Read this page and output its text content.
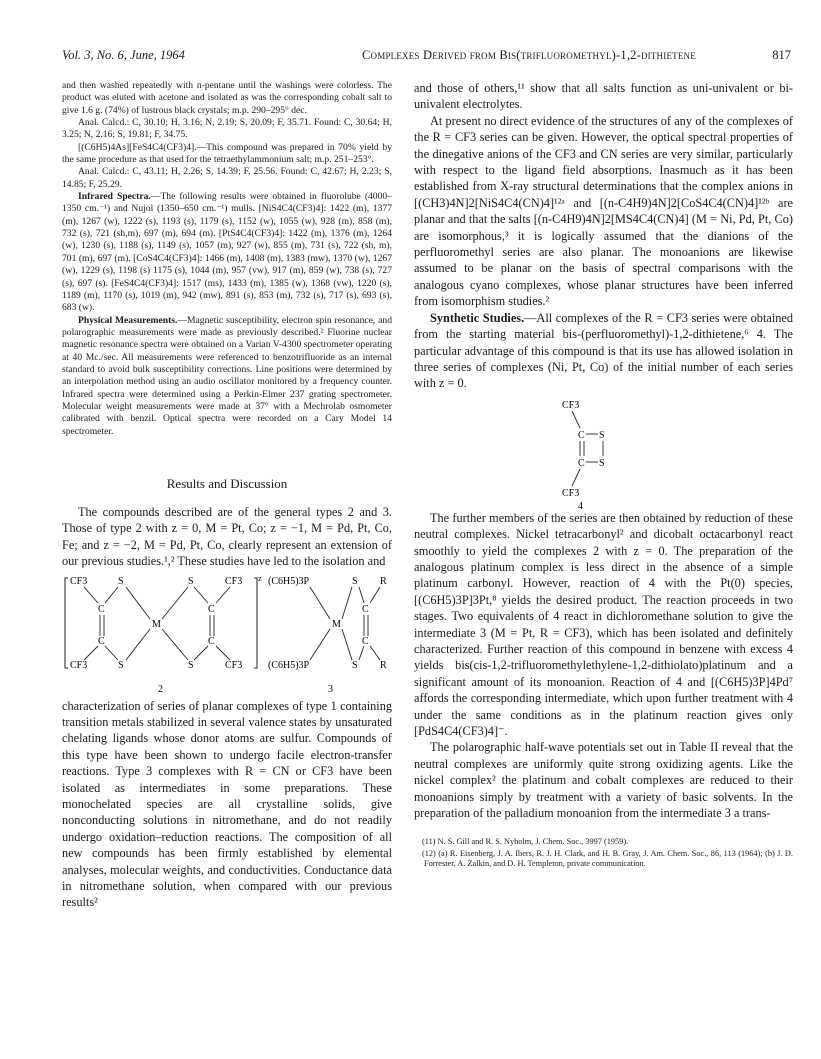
Vol. 3, No. 6, June, 1964	Complexes Derived from Bis(trifluoromethyl)-1,2-dithietene	817

and then washed repeatedly with n-pentane until the washings were colorless. The product was eluted with acetone and isolated as was the corresponding cobalt salt to give 1.6 g. (74%) of lustrous black crystals; m.p. 290–295° dec.

Anal. Calcd.: C, 30.10; H, 3.16; N, 2.19; S, 20.09; F, 35.71. Found: C, 30.64; H, 3.25; N, 2.16; S, 19.81; F, 34.75.

[(C6H5)4As][FeS4C4(CF3)4].—This compound was prepared in 70% yield by the same procedure as that used for the tetraethylammonium salt; m.p. 251–253°.

Anal. Calcd.: C, 43.11; H, 2.26; S, 14.39; F, 25.56. Found: C, 42.67; H, 2.23; S, 14.85; F, 25.29.

Infrared Spectra.—The following results were obtained in fluorolube (4000–1350 cm.⁻¹) and Nujol (1350–650 cm.⁻¹) mulls. [NiS4C4(CF3)4]: 1422 (m), 1377 (m), 1267 (w), 1222 (s), 1193 (s), 1179 (s), 1152 (w), 1055 (w), 928 (m), 858 (m), 732 (s), 721 (sh,m), 697 (m), 694 (m). [PtS4C4(CF3)4]: 1422 (m), 1376 (m), 1264 (w), 1230 (s), 1188 (s), 1149 (s), 1057 (m), 927 (w), 855 (m), 731 (s), 722 (sh, m), 701 (m), 697 (m). [CoS4C4(CF3)4]: 1466 (m), 1408 (m), 1383 (mw), 1370 (w), 1267 (w), 1229 (s), 1198 (s) 1175 (s), 1044 (m), 957 (vw), 917 (m), 859 (w), 738 (s), 727 (s), 697 (s). [FeS4C4(CF3)4]: 1517 (ms), 1433 (m), 1385 (w), 1368 (vw), 1220 (s), 1189 (m), 1170 (s), 1019 (m), 942 (mw), 891 (s), 853 (m), 732 (s), 717 (s), 693 (s), 683 (w).

Physical Measurements.—Magnetic susceptibility, electron spin resonance, and polarographic measurements were made as previously described.² Fluorine nuclear magnetic resonance spectra were obtained on a Varian V-4300 spectrometer operating at 40 Mc./sec. All measurements were referenced to benzotrifluoride as an internal standard to avoid bulk susceptibility corrections. Line positions were determined by an interpolation method using an audio oscillator monitored by a frequency counter. Infrared spectra were determined using a Perkin-Elmer 237 grating spectrometer. Molecular weight measurements were made at 37° with a Mechrolab osmometer calibrated with benzil. Optical spectra were recorded on a Cary Model 14 spectrometer.

Results and Discussion

The compounds described are of the general types 2 and 3. Those of type 2 with z = 0, M = Pt, Co; z = −1, M = Pd, Pt, Co, Fe; and z = −2, M = Pd, Pt, Co, clearly represent an extension of our previous studies.¹,² These studies have led to the isolation and

z
CF3
CF3
CF3
CF3
S
S
S
S
C
C
C
C
M
2
(C6H5)3P
(C6H5)3P
M
S
S
R
R
C
C
3

characterization of series of planar complexes of type 1 containing transition metals stabilized in several valence states by unsaturated chelating ligands whose donor atoms are sulfur. Compounds of this type have been shown to undergo facile electron-transfer reactions. Type 3 complexes with R = CN or CF3 have been isolated as intermediates in some preparations. These monochelated species are all crystalline solids, give nonconducting solutions in nitromethane, and do not readily undergo oxidation–reduction reactions. The composition of all new compounds has been firmly established by elemental analyses, molecular weights, and conductivities. Conductance data in nitromethane solution, when compared with our previous results²

and those of others,¹¹ show that all salts function as uni-univalent or bi-univalent electrolytes.

At present no direct evidence of the structures of any of the complexes of the R = CF3 series can be given. However, the optical spectral properties of the dinegative anions of the CF3 and CN series are very similar, particularly with respect to the ligand field absorptions. Inasmuch as it has been established from X-ray structural determinations that the complex anions in [(CH3)4N]2[NiS4C4(CN)4]¹²ᵃ and [(n-C4H9)4N]2[CoS4C4(CN)4]¹²ᵇ are planar and that the salts [(n-C4H9)4N]2[MS4C4(CN)4] (M = Ni, Pd, Pt, Co) are isomorphous,³ it is logically assumed that the dianions of the perfluoromethyl series are also planar. The monoanions are likewise assumed to be planar on the basis of spectral comparisons with the analogous cyano complexes, whose planar structures have been inferred from isomorphism studies.²

Synthetic Studies.—All complexes of the R = CF3 series were obtained from the starting material bis-(perfluoromethyl)-1,2-dithietene,⁶ 4. The particular advantage of this compound is that its use has allowed isolation in three series of complexes (Ni, Pt, Co) of the initial number of each series with z = 0.

CF3
C S
C S
CF3
4

The further members of the series are then obtained by reduction of these neutral complexes. Nickel tetracarbonyl² and dicobalt octacarbonyl react smoothly to yield the complexes 2 with z = 0. The preparation of the analogous platinum complex is less direct in the absence of a simple platinum carbonyl. However, reaction of 4 with the Pt(0) species, [(C6H5)3P]3Pt,⁸ yields the desired product. The reaction proceeds in two stages. Two equivalents of 4 react in dichloromethane solution to give the intermediate 3 (M = Pt, R = CF3), which has been isolated and definitely characterized. Further reaction of this compound in benzene with excess 4 yields bis(cis-1,2-trifluoromethylethylene-1,2-dithiolato)platinum and a significant amount of its monoanion. Reaction of 4 and [(C6H5)3P]4Pd⁷ affords the corresponding intermediate, which upon further treatment with 4 under the same conditions as in the platinum reaction gives only [PdS4C4(CF3)4]⁻.

The polarographic half-wave potentials set out in Table II reveal that the neutral complexes are uniformly quite strong oxidizing agents. Like the nickel complex² the platinum and cobalt complexes are reduced to their monoanions simply by treatment with a variety of basic solvents. In the preparation of the palladium monoanion from the intermediate 3 a trans-

(11) N. S. Gill and R. S. Nyholm, J. Chem. Soc., 3997 (1959).

(12) (a) R. Eisenberg, J. A. Ibers, R. J. H. Clark, and H. B. Gray, J. Am. Chem. Soc., 86, 113 (1964); (b) J. D. Forrester, A. Zalkin, and D. H. Templeton, private communication.
